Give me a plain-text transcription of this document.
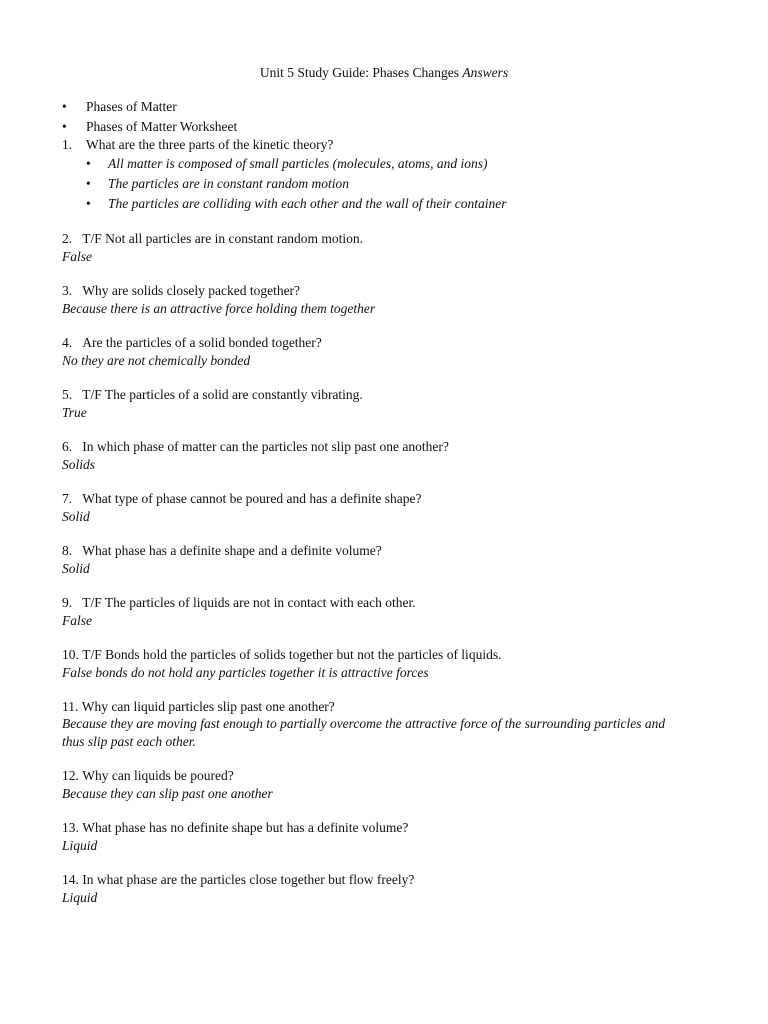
Unit 5 Study Guide: Phases Changes Answers
• Phases of Matter
• Phases of Matter Worksheet
1. What are the three parts of the kinetic theory?
• All matter is composed of small particles (molecules, atoms, and ions)
• The particles are in constant random motion
• The particles are colliding with each other and the wall of their container
2. T/F Not all particles are in constant random motion.
False
3. Why are solids closely packed together?
Because there is an attractive force holding them together
4. Are the particles of a solid bonded together?
No they are not chemically bonded
5. T/F The particles of a solid are constantly vibrating.
True
6. In which phase of matter can the particles not slip past one another?
Solids
7. What type of phase cannot be poured and has a definite shape?
Solid
8. What phase has a definite shape and a definite volume?
Solid
9. T/F The particles of liquids are not in contact with each other.
False
10. T/F Bonds hold the particles of solids together but not the particles of liquids.
False bonds do not hold any particles together it is attractive forces
11. Why can liquid particles slip past one another?
Because they are moving fast enough to partially overcome the attractive force of the surrounding particles and thus slip past each other.
12. Why can liquids be poured?
Because they can slip past one another
13. What phase has no definite shape but has a definite volume?
Liquid
14. In what phase are the particles close together but flow freely?
Liquid
